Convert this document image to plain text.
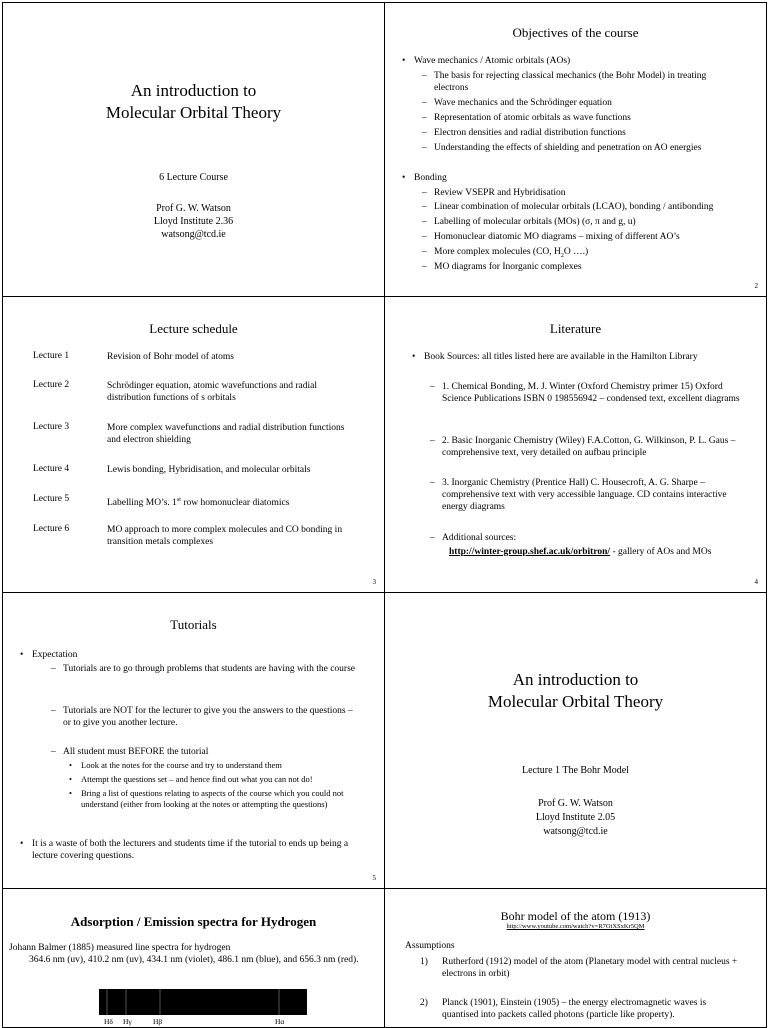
An introduction to
Molecular Orbital Theory
6 Lecture Course
Prof G. W. Watson
Lloyd Institute 2.36
watsong@tcd.ie
Objectives of the course
• Wave mechanics / Atomic orbitals (AOs)
– The basis for rejecting classical mechanics (the Bohr Model) in treating electrons
– Wave mechanics and the Schrödinger equation
– Representation of atomic orbitals as wave functions
– Electron densities and radial distribution functions
– Understanding the effects of shielding and penetration on AO energies
• Bonding
– Review VSEPR and Hybridisation
– Linear combination of molecular orbitals (LCAO), bonding / antibonding
– Labelling of molecular orbitals (MOs) (σ, π and g, u)
– Homonuclear diatomic MO diagrams – mixing of different AO’s
– More complex molecules (CO, $H_2O$ ….)
– MO diagrams for Inorganic complexes
2
Lecture schedule
Lecture 1	Revision of Bohr model of atoms
Lecture 2	Schrödinger equation, atomic wavefunctions and radial distribution functions of s orbitals
Lecture 3	More complex wavefunctions and radial distribution functions and electron shielding
Lecture 4	Lewis bonding, Hybridisation, and molecular orbitals
Lecture 5	Labelling MO’s. 1st row homonuclear diatomics
Lecture 6	MO approach to more complex molecules and CO bonding in transition metals complexes
3
Literature
• Book Sources: all titles listed here are available in the Hamilton Library
– 1. Chemical Bonding, M. J. Winter (Oxford Chemistry primer 15) Oxford Science Publications ISBN 0 198556942 – condensed text, excellent diagrams
– 2. Basic Inorganic Chemistry (Wiley) F.A.Cotton, G. Wilkinson, P. L. Gaus – comprehensive text, very detailed on aufbau principle
– 3. Inorganic Chemistry (Prentice Hall) C. Housecroft, A. G. Sharpe – comprehensive text with very accessible language. CD contains interactive energy diagrams
– Additional sources:
http://winter-group.shef.ac.uk/orbitron/ - gallery of AOs and MOs
4
Tutorials
• Expectation
– Tutorials are to go through problems that students are having with the course
– Tutorials are NOT for the lecturer to give you the answers to the questions – or to give you another lecture.
– All student must BEFORE the tutorial
• Look at the notes for the course and try to understand them
• Attempt the questions set – and hence find out what you can not do!
• Bring a list of questions relating to aspects of the course which you could not understand (either from looking at the notes or attempting the questions)
• It is a waste of both the lecturers and students time if the tutorial to ends up being a lecture covering questions.
5
An introduction to
Molecular Orbital Theory
Lecture 1 The Bohr Model
Prof G. W. Watson
Lloyd Institute 2.05
watsong@tcd.ie
Adsorption / Emission spectra for Hydrogen
Johann Balmer (1885) measured line spectra for hydrogen
364.6 nm (uv), 410.2 nm (uv), 434.1 nm (violet), 486.1 nm (blue), and 656.3 nm (red).
Hδ Hγ	Hβ	Hα
Bohr model of the atom (1913)
http://www.youtube.com/watch?v=R7OiXSxKr5QM
Assumptions
1) Rutherford (1912) model of the atom (Planetary model with central nucleus + electrons in orbit)
2) Planck (1901), Einstein (1905) – the energy electromagnetic waves is quantised into packets called photons (particle like property).
